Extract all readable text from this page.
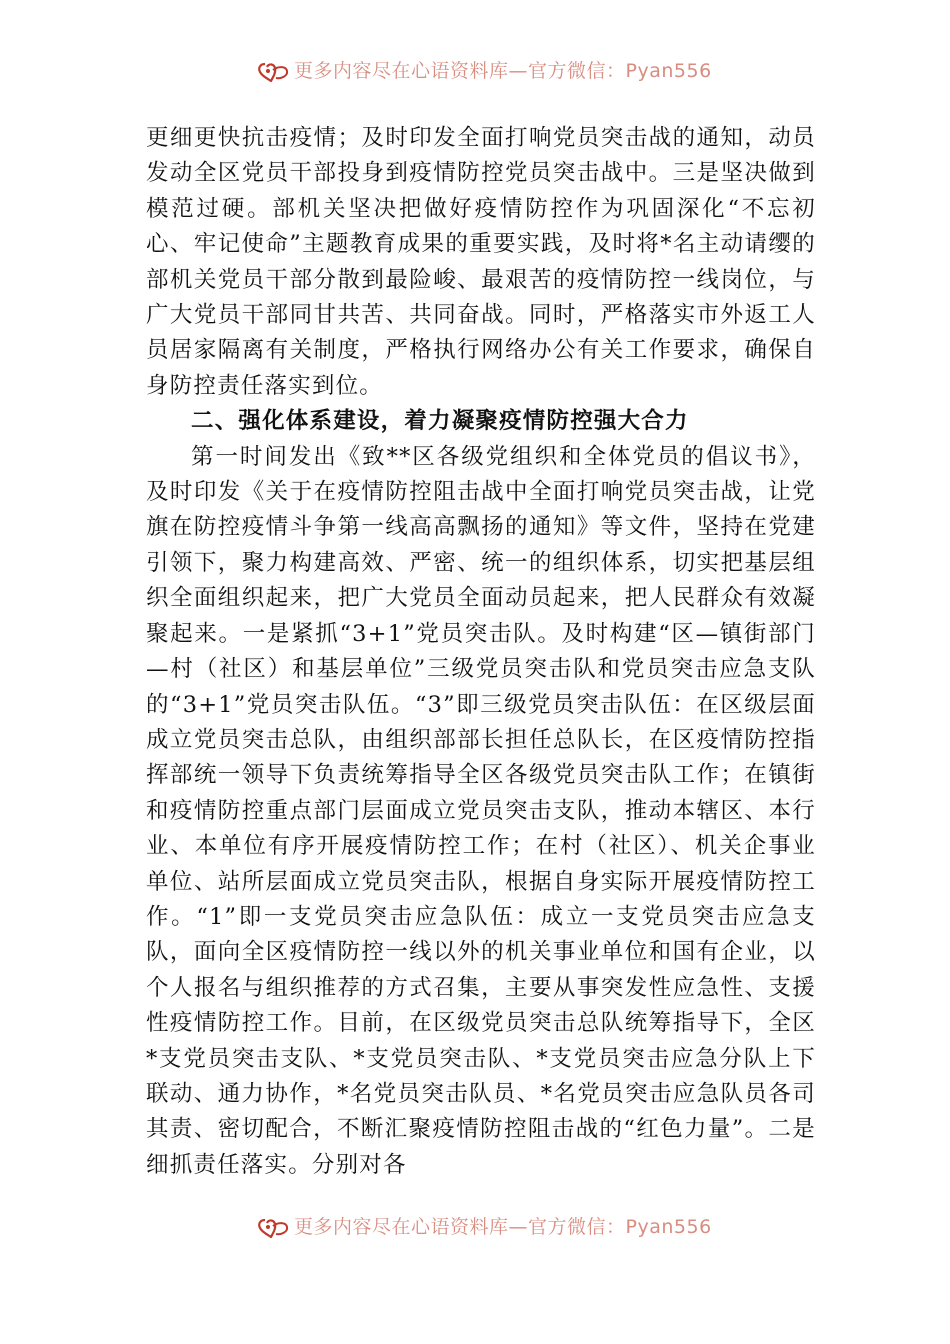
更多内容尽在心语资料库—官方微信：Pyan556

更细更快抗击疫情；及时印发全面打响党员突击战的通知，动员发动全区党员干部投身到疫情防控党员突击战中。三是坚决做到模范过硬。部机关坚决把做好疫情防控作为巩固深化“不忘初心、牢记使命”主题教育成果的重要实践，及时将*名主动请缨的部机关党员干部分散到最险峻、最艰苦的疫情防控一线岗位，与广大党员干部同甘共苦、共同奋战。同时，严格落实市外返工人员居家隔离有关制度，严格执行网络办公有关工作要求，确保自身防控责任落实到位。

二、强化体系建设，着力凝聚疫情防控强大合力

第一时间发出《致**区各级党组织和全体党员的倡议书》，及时印发《关于在疫情防控阻击战中全面打响党员突击战，让党旗在防控疫情斗争第一线高高飘扬的通知》等文件，坚持在党建引领下，聚力构建高效、严密、统一的组织体系，切实把基层组织全面组织起来，把广大党员全面动员起来，把人民群众有效凝聚起来。一是紧抓“3+1”党员突击队。及时构建“区—镇街部门—村（社区）和基层单位”三级党员突击队和党员突击应急支队的“3+1”党员突击队伍。“3”即三级党员突击队伍：在区级层面成立党员突击总队，由组织部部长担任总队长，在区疫情防控指挥部统一领导下负责统筹指导全区各级党员突击队工作；在镇街和疫情防控重点部门层面成立党员突击支队，推动本辖区、本行业、本单位有序开展疫情防控工作；在村（社区）、机关企事业单位、站所层面成立党员突击队，根据自身实际开展疫情防控工作。“1”即一支党员突击应急队伍：成立一支党员突击应急支队，面向全区疫情防控一线以外的机关事业单位和国有企业，以个人报名与组织推荐的方式召集，主要从事突发性应急性、支援性疫情防控工作。目前，在区级党员突击总队统筹指导下，全区*支党员突击支队、*支党员突击队、*支党员突击应急分队上下联动、通力协作，*名党员突击队员、*名党员突击应急队员各司其责、密切配合，不断汇聚疫情防控阻击战的“红色力量”。二是细抓责任落实。分别对各

更多内容尽在心语资料库—官方微信：Pyan556
